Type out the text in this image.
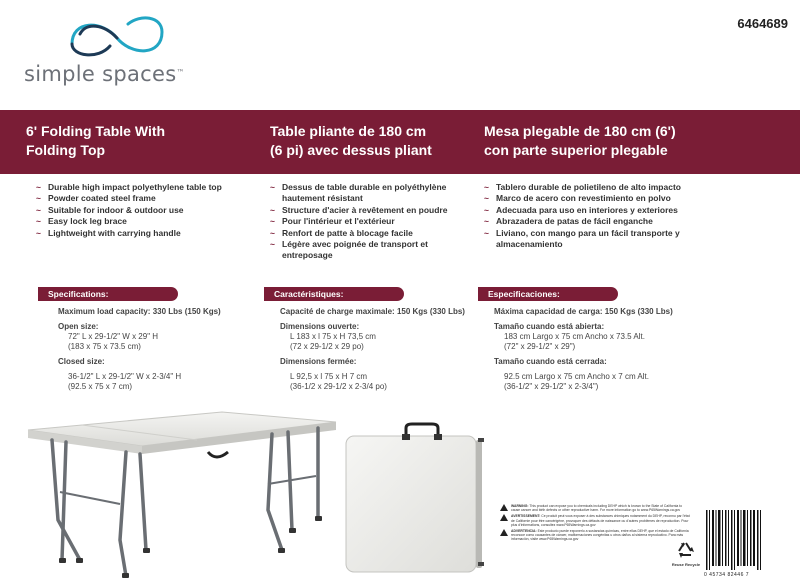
simple spaces™
6464689
6' Folding Table With
Folding Top
Table pliante de 180 cm
(6 pi) avec dessus pliant
Mesa plegable de 180 cm (6')
con parte superior plegable
~ Durable high impact polyethylene table top
~ Powder coated steel frame
~ Suitable for indoor & outdoor use
~ Easy lock leg brace
~ Lightweight with carrying handle
~ Dessus de table durable en polyéthylène
hautement résistant
~ Structure d'acier à revêtement en poudre
~ Pour l'intérieur et l'extérieur
~ Renfort de patte à blocage facile
~ Légère avec poignée de transport et
entreposage
~ Tablero durable de polietileno de alto impacto
~ Marco de acero con revestimiento en polvo
~ Adecuada para uso en interiores y exteriores
~ Abrazadera de patas de fácil enganche
~ Liviano, con mango para un fácil transporte y
almacenamiento
Specifications:	Caractéristiques:	Especificaciones:
Maximum load capacity: 330 Lbs (150 Kgs)
Open size:
72" L x 29-1/2" W x 29" H
(183 x 75 x 73.5 cm)
Closed size:
36-1/2" L x 29-1/2" W x 2-3/4" H
(92.5 x 75 x 7 cm)
Capacité de charge maximale: 150 Kgs (330 Lbs)
Dimensions ouverte:
L 183 x l 75 x H 73,5 cm
(72 x 29-1/2 x 29 po)
Dimensions fermée:
L 92,5 x l 75 x H 7 cm
(36-1/2 x 29-1/2 x 2-3/4 po)
Máxima capacidad de carga: 150 Kgs (330 Lbs)
Tamaño cuando está abierta:
183 cm Largo x 75 cm Ancho x 73.5 Alt.
(72" x 29-1/2" x 29")
Tamaño cuando está cerrada:
92.5 cm Largo x 75 cm Ancho x 7 cm Alt.
(36-1/2" x 29-1/2" x 2-3/4")
WARNING: This product can expose you to chemicals including DEHP which is known to the State of California to cause cancer and birth defects or other reproductive harm. For more information go to www.P65Warnings.ca.gov
AVERTISSEMENT: Ce produit peut vous exposer à des substances chimiques notamment du DEHP, reconnu par l'état de Californie pour être cancérigène, provoquer des défauts de naissance ou d'autres problèmes de reproduction. Pour plus d'informations, consultez www.P65Warnings.ca.gov
ADVERTENCIA: Este producto puede exponerlo a sustancias químicas, entre ellas DEHP, que el estado de California reconoce como causantes de cáncer, malformaciones congénitas u otros daños al sistema reproductivo. Para más información, visite www.P65Warnings.ca.gov
Reuse Recycle
0 45734 82446 7
